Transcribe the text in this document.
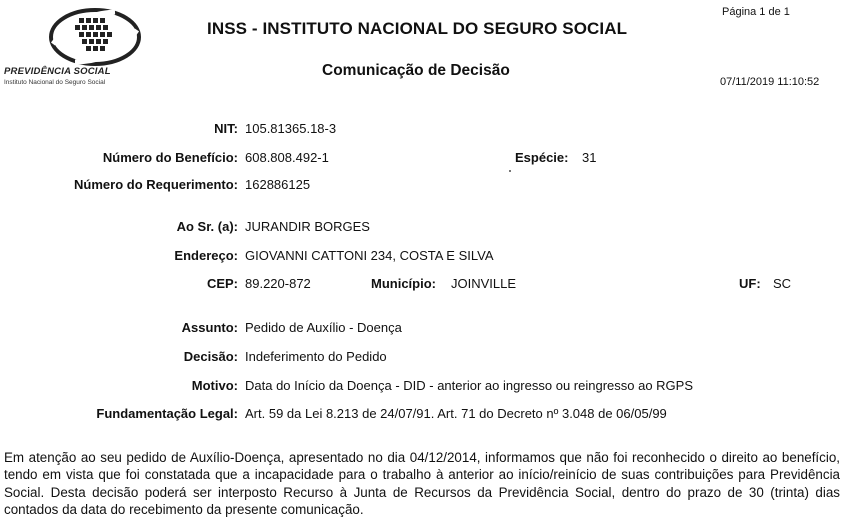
PREVIDÊNCIA SOCIAL
Instituto Nacional do Seguro Social
INSS - INSTITUTO NACIONAL DO SEGURO SOCIAL
Comunicação de Decisão
Página 1 de 1
07/11/2019 11:10:52
NIT: 105.81365.18-3
Número do Benefício: 608.808.492-1	Espécie: 31
Número do Requerimento: 162886125
Ao Sr. (a): JURANDIR BORGES
Endereço: GIOVANNI CATTONI 234, COSTA E SILVA
CEP: 89.220-872	Município: JOINVILLE	UF: SC
Assunto: Pedido de Auxílio - Doença
Decisão: Indeferimento do Pedido
Motivo: Data do Início da Doença - DID - anterior ao ingresso ou reingresso ao RGPS
Fundamentação Legal: Art. 59 da Lei 8.213 de 24/07/91. Art. 71 do Decreto nº 3.048 de 06/05/99
Em atenção ao seu pedido de Auxílio-Doença, apresentado no dia 04/12/2014, informamos que não foi reconhecido o direito ao benefício, tendo em vista que foi constatada que a incapacidade para o trabalho à anterior ao início/reinício de suas contribuições para Previdência Social. Desta decisão poderá ser interposto Recurso à Junta de Recursos da Previdência Social, dentro do prazo de 30 (trinta) dias contados da data do recebimento da presente comunicação.
